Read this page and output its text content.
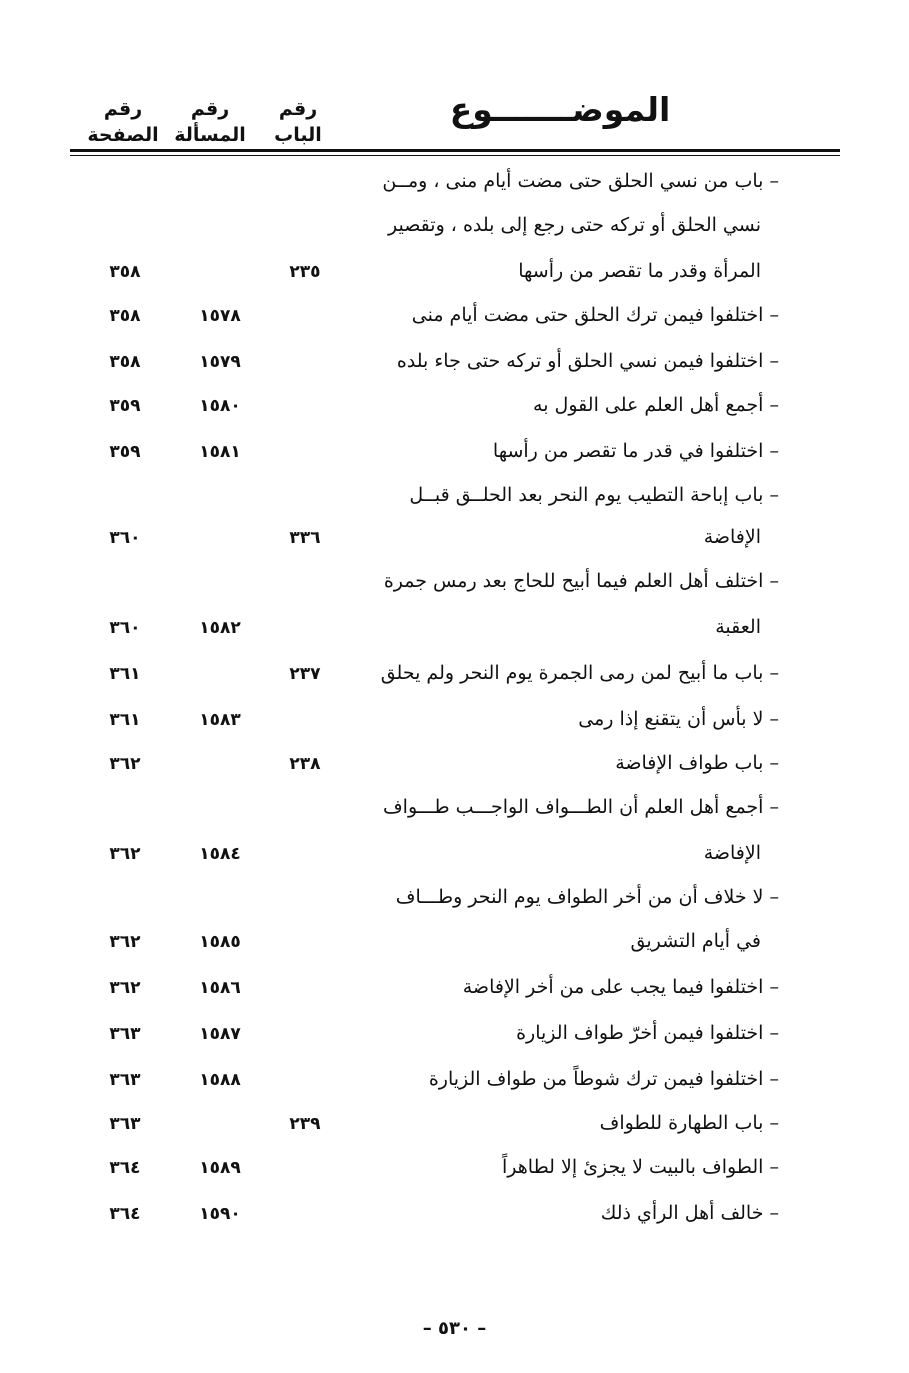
رقم
الصفحة
رقم
المسألة
رقم
الباب
الموضـــــــوع
– باب من نسي الحلق حتى مضت أيام منى ، ومــن
نسي الحلق أو تركه حتى رجع إلى بلده ، وتقصير
المرأة وقدر ما تقصر من رأسها
٢٣٥
٣٥٨
– اختلفوا فيمن ترك الحلق حتى مضت أيام منى
١٥٧٨
٣٥٨
– اختلفوا فيمن نسي الحلق أو تركه حتى جاء بلده
١٥٧٩
٣٥٨
– أجمع أهل العلم على القول به
١٥٨٠
٣٥٩
– اختلفوا في قدر ما تقصر من رأسها
١٥٨١
٣٥٩
– باب إباحة التطيب يوم النحر بعد الحلــق قبــل
الإفاضة
٣٣٦
٣٦٠
– اختلف أهل العلم فيما أبيح للحاج بعد رمس جمرة
العقبة
١٥٨٢
٣٦٠
– باب ما أبيح لمن رمى الجمرة يوم النحر ولم يحلق
٢٣٧
٣٦١
– لا بأس أن يتقنع إذا رمى
١٥٨٣
٣٦١
– باب طواف الإفاضة
٢٣٨
٣٦٢
– أجمع أهل العلم أن الطـــواف الواجـــب طـــواف
الإفاضة
١٥٨٤
٣٦٢
– لا خلاف أن من أخر الطواف يوم النحر وطـــاف
في أيام التشريق
١٥٨٥
٣٦٢
– اختلفوا فيما يجب على من أخر الإفاضة
١٥٨٦
٣٦٢
– اختلفوا فيمن أخرّ طواف الزيارة
١٥٨٧
٣٦٣
– اختلفوا فيمن ترك شوطاً من طواف الزيارة
١٥٨٨
٣٦٣
– باب الطهارة للطواف
٢٣٩
٣٦٣
– الطواف بالبيت لا يجزئ إلا لطاهراً
١٥٨٩
٣٦٤
– خالف أهل الرأي ذلك
١٥٩٠
٣٦٤
– ٥٣٠ –
